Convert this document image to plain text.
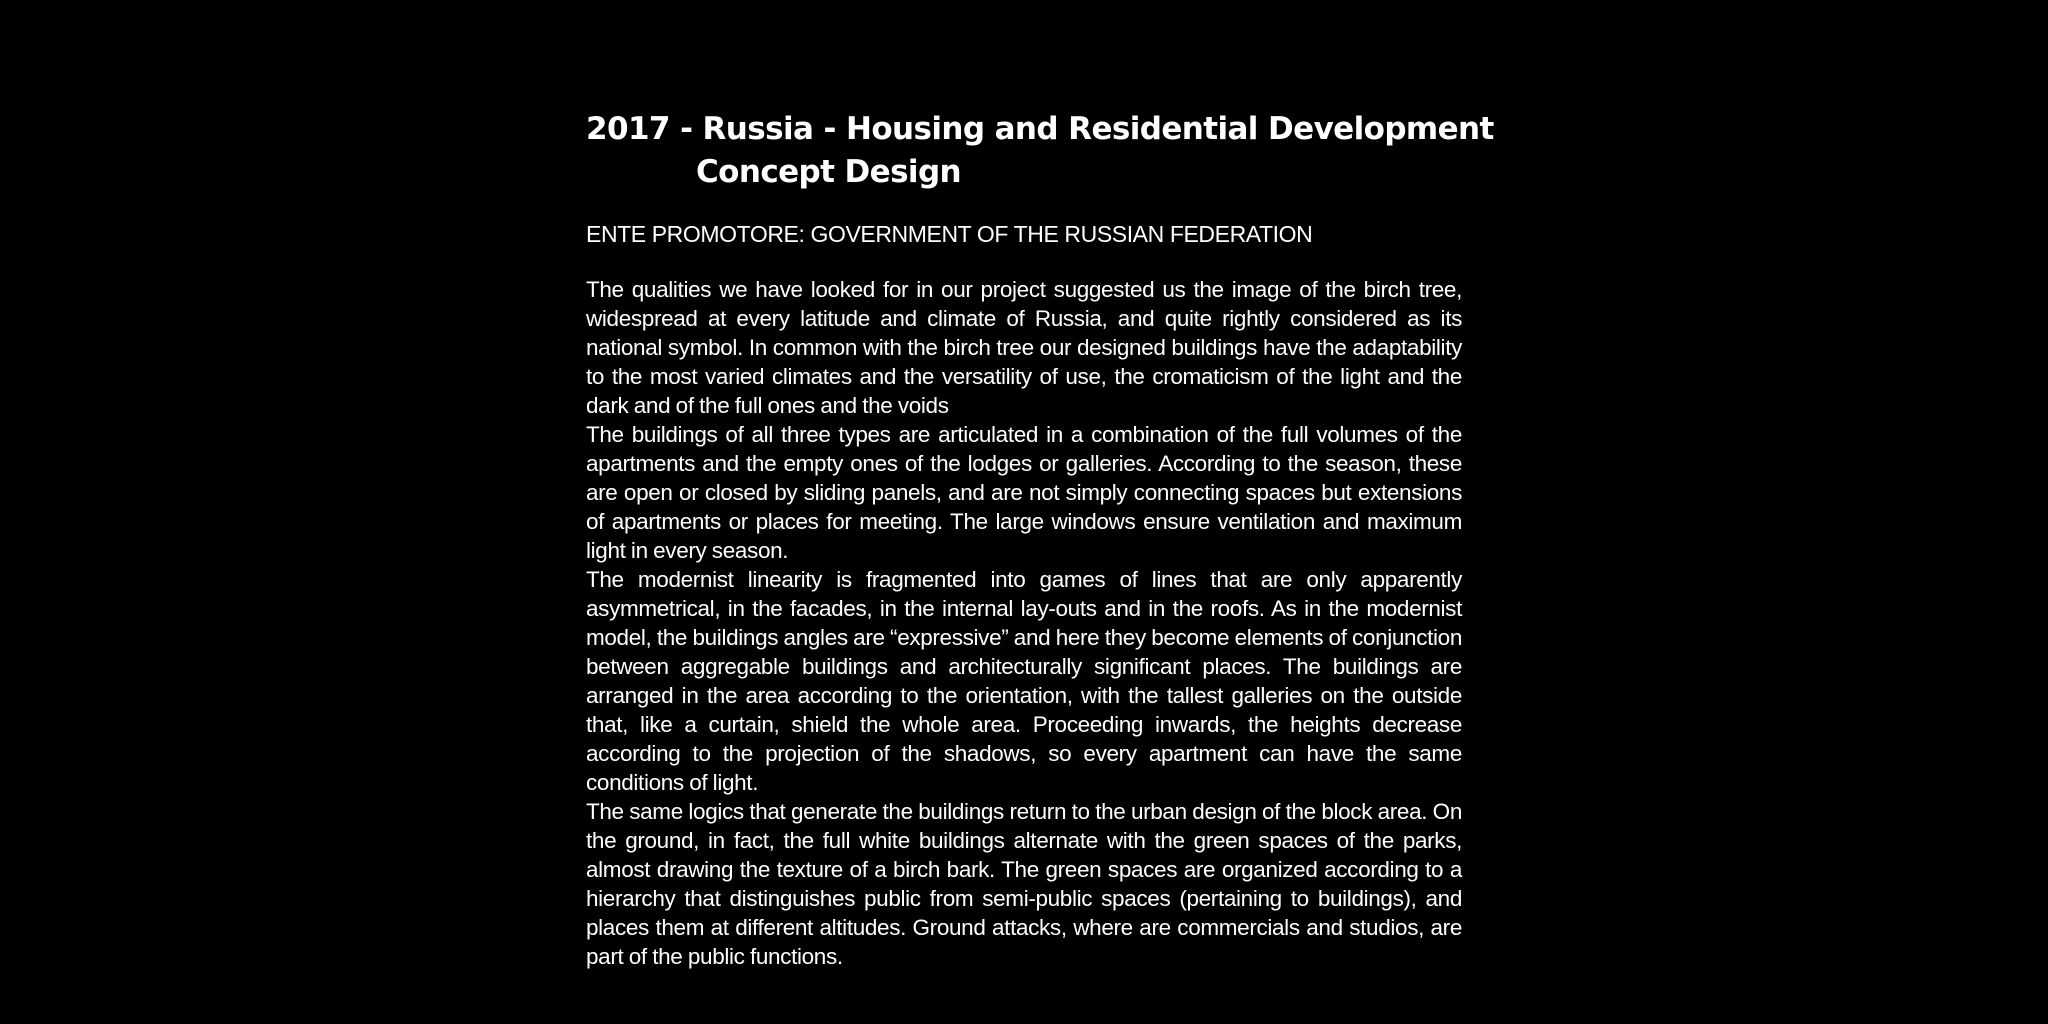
2017 - Russia - Housing and Residential Development
Concept Design

ENTE PROMOTORE: GOVERNMENT OF THE RUSSIAN FEDERATION

The qualities we have looked for in our project suggested us the image of the birch tree, widespread at every latitude and climate of Russia, and quite rightly considered as its national symbol. In common with the birch tree our designed buildings have the adaptability to the most varied climates and the versatility of use, the cromaticism of the light and the dark and of the full ones and the voids

The buildings of all three types are articulated in a combination of the full volumes of the apartments and the empty ones of the lodges or galleries. According to the season, these are open or closed by sliding panels, and are not simply connecting spaces but extensions of apartments or places for meeting. The large windows ensure ventilation and maximum light in every season.

The modernist linearity is fragmented into games of lines that are only apparently asymmetrical, in the facades, in the internal lay-outs and in the roofs. As in the modernist model, the buildings angles are “expressive” and here they become elements of conjunction between aggregable buildings and architecturally significant places. The buildings are arranged in the area according to the orientation, with the tallest galleries on the outside that, like a curtain, shield the whole area. Proceeding inwards, the heights decrease according to the projection of the shadows, so every apartment can have the same conditions of light.

The same logics that generate the buildings return to the urban design of the block area. On the ground, in fact, the full white buildings alternate with the green spaces of the parks, almost drawing the texture of a birch bark. The green spaces are organized according to a hierarchy that distinguishes public from semi-public spaces (pertaining to buildings), and places them at different altitudes. Ground attacks, where are commercials and studios, are part of the public functions.
